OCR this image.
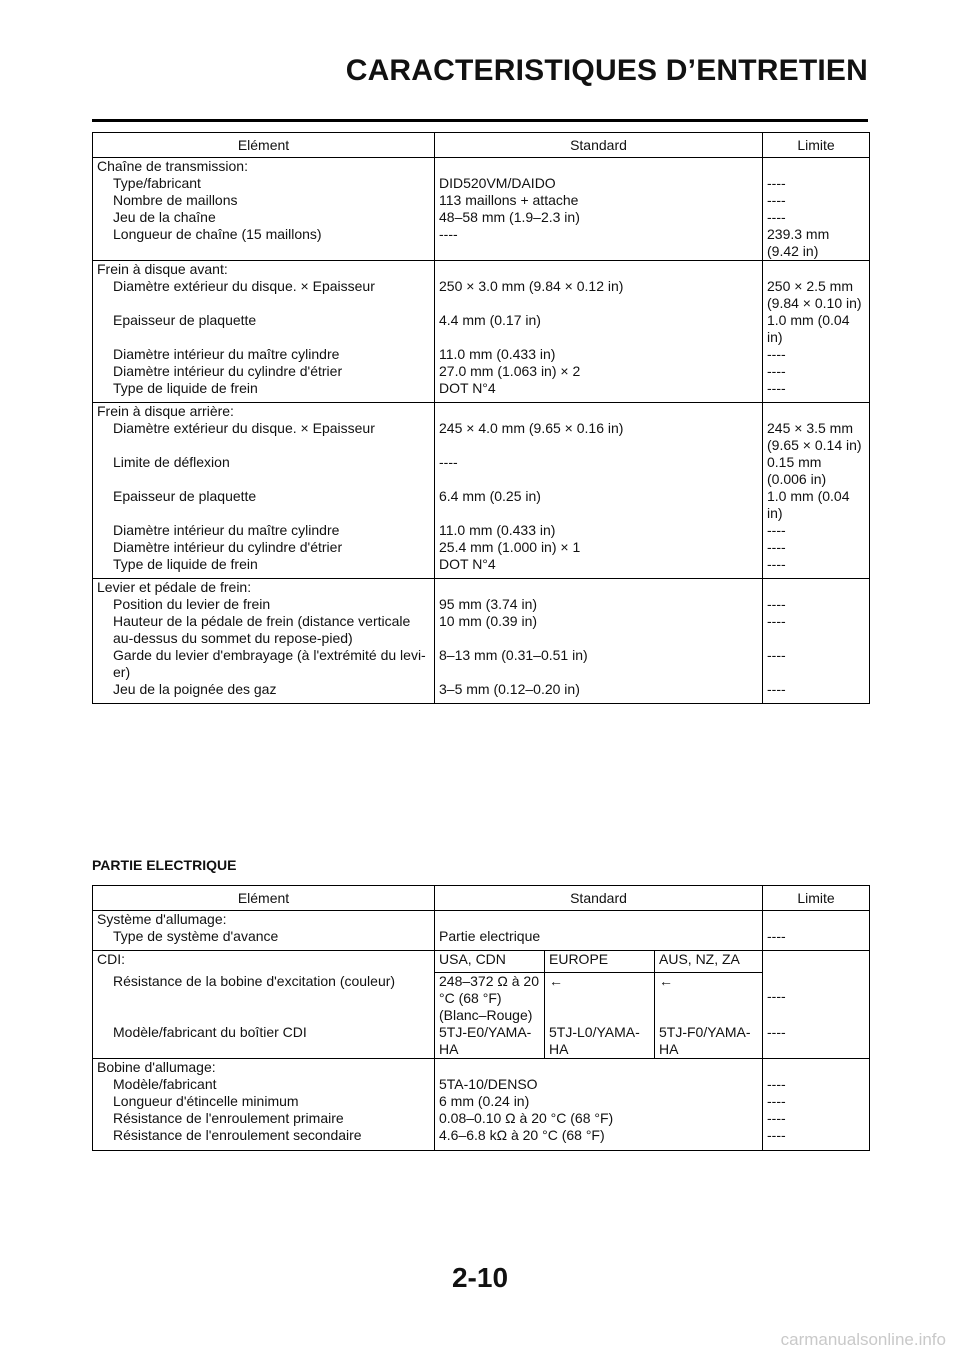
CARACTERISTIQUES D’ENTRETIEN
Elément	Standard	Limite
Chaîne de transmission:		
Type/fabricant	DID520VM/DAIDO	----
Nombre de maillons	113 maillons + attache	----
Jeu de la chaîne	48–58 mm (1.9–2.3 in)	----
Longueur de chaîne (15 maillons)	----	239.3 mm (9.42 in)
Frein à disque avant:		
Diamètre extérieur du disque. × Epaisseur	250 × 3.0 mm (9.84 × 0.12 in)	250 × 2.5 mm (9.84 × 0.10 in)
Epaisseur de plaquette	4.4 mm (0.17 in)	1.0 mm (0.04 in)
Diamètre intérieur du maître cylindre	11.0 mm (0.433 in)	----
Diamètre intérieur du cylindre d'étrier	27.0 mm (1.063 in) × 2	----
Type de liquide de frein	DOT N°4	----
Frein à disque arrière:		
Diamètre extérieur du disque. × Epaisseur	245 × 4.0 mm (9.65 × 0.16 in)	245 × 3.5 mm (9.65 × 0.14 in)
Limite de déflexion	----	0.15 mm (0.006 in)
Epaisseur de plaquette	6.4 mm (0.25 in)	1.0 mm (0.04 in)
Diamètre intérieur du maître cylindre	11.0 mm (0.433 in)	----
Diamètre intérieur du cylindre d'étrier	25.4 mm (1.000 in) × 1	----
Type de liquide de frein	DOT N°4	----
Levier et pédale de frein:		
Position du levier de frein	95 mm (3.74 in)	----
Hauteur de la pédale de frein (distance verticale au-dessus du sommet du repose-pied)	10 mm (0.39 in)	----
Garde du levier d'embrayage (à l'extrémité du levi-er)	8–13 mm (0.31–0.51 in)	----
Jeu de la poignée des gaz	3–5 mm (0.12–0.20 in)	----
PARTIE ELECTRIQUE
Elément	Standard			Limite
Système d'allumage:				
Type de système d'avance	Partie electrique			----
CDI:	USA, CDN	EUROPE	AUS, NZ, ZA	
Résistance de la bobine d'excitation (couleur)	248–372 Ω à 20 °C (68 °F) (Blanc–Rouge)	←	←	----
Modèle/fabricant du boîtier CDI	5TJ-E0/YAMA-HA	5TJ-L0/YAMA-HA	5TJ-F0/YAMA-HA	----
Bobine d'allumage:				
Modèle/fabricant	5TA-10/DENSO			----
Longueur d'étincelle minimum	6 mm (0.24 in)			----
Résistance de l'enroulement primaire	0.08–0.10 Ω à 20 °C (68 °F)			----
Résistance de l'enroulement secondaire	4.6–6.8 kΩ à 20 °C (68 °F)			----
2-10
carmanualsonline.info
